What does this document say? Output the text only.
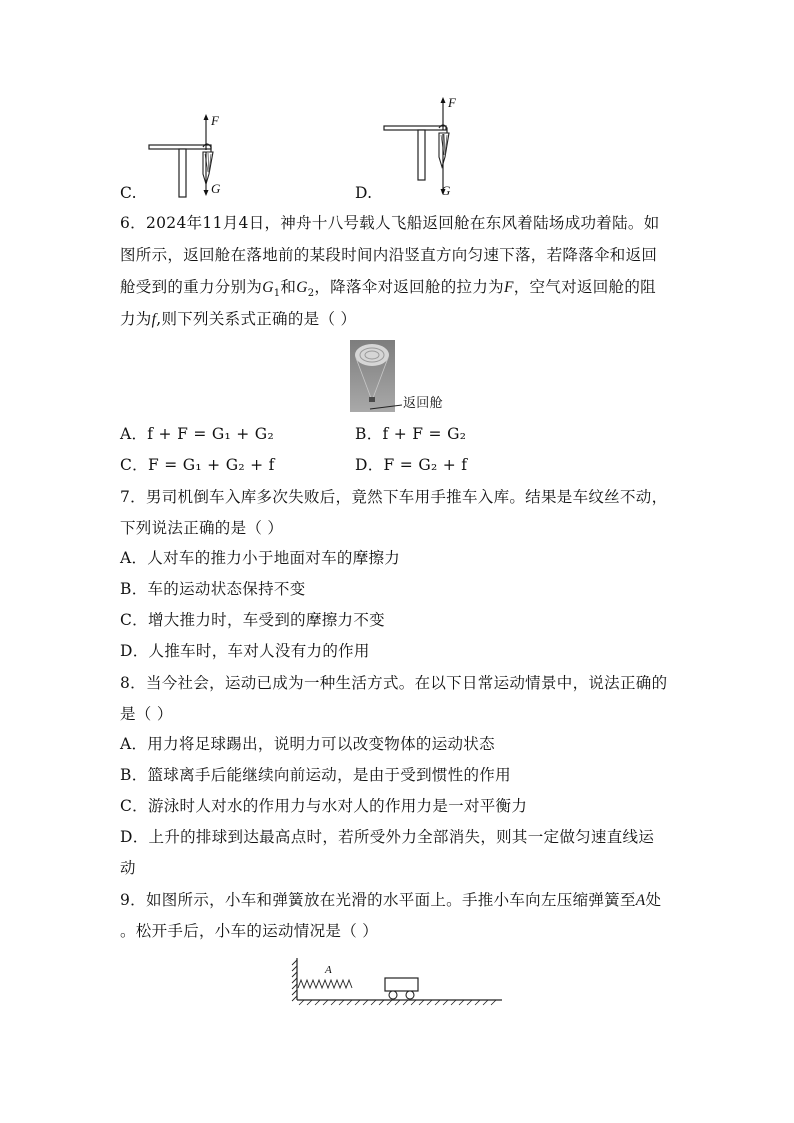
C.
F
G	D.
F
G
6．2024年11月4日，神舟十八号载人飞船返回舱在东风着陆场成功着陆。如
图所示，返回舱在落地前的某段时间内沿竖直方向匀速下落，若降落伞和返回
舱受到的重力分别为$G_1$和$G_2$，降落伞对返回舱的拉力为F，空气对返回舱的阻
力为f,则下列关系式正确的是（ ）
返回舱
A．f + F = G₁ + G₂	B．f + F = G₂
C．F = G₁ + G₂ + f	D．F = G₂ + f
7．男司机倒车入库多次失败后，竟然下车用手推车入库。结果是车纹丝不动，
下列说法正确的是（ ）
A．人对车的推力小于地面对车的摩擦力
B．车的运动状态保持不变
C．增大推力时，车受到的摩擦力不变
D．人推车时，车对人没有力的作用
8．当今社会，运动已成为一种生活方式。在以下日常运动情景中，说法正确的
是（ ）
A．用力将足球踢出，说明力可以改变物体的运动状态
B．篮球离手后能继续向前运动，是由于受到惯性的作用
C．游泳时人对水的作用力与水对人的作用力是一对平衡力
D．上升的排球到达最高点时，若所受外力全部消失，则其一定做匀速直线运
动
9．如图所示，小车和弹簧放在光滑的水平面上。手推小车向左压缩弹簧至A处
。松开手后，小车的运动情况是（ ）
A
